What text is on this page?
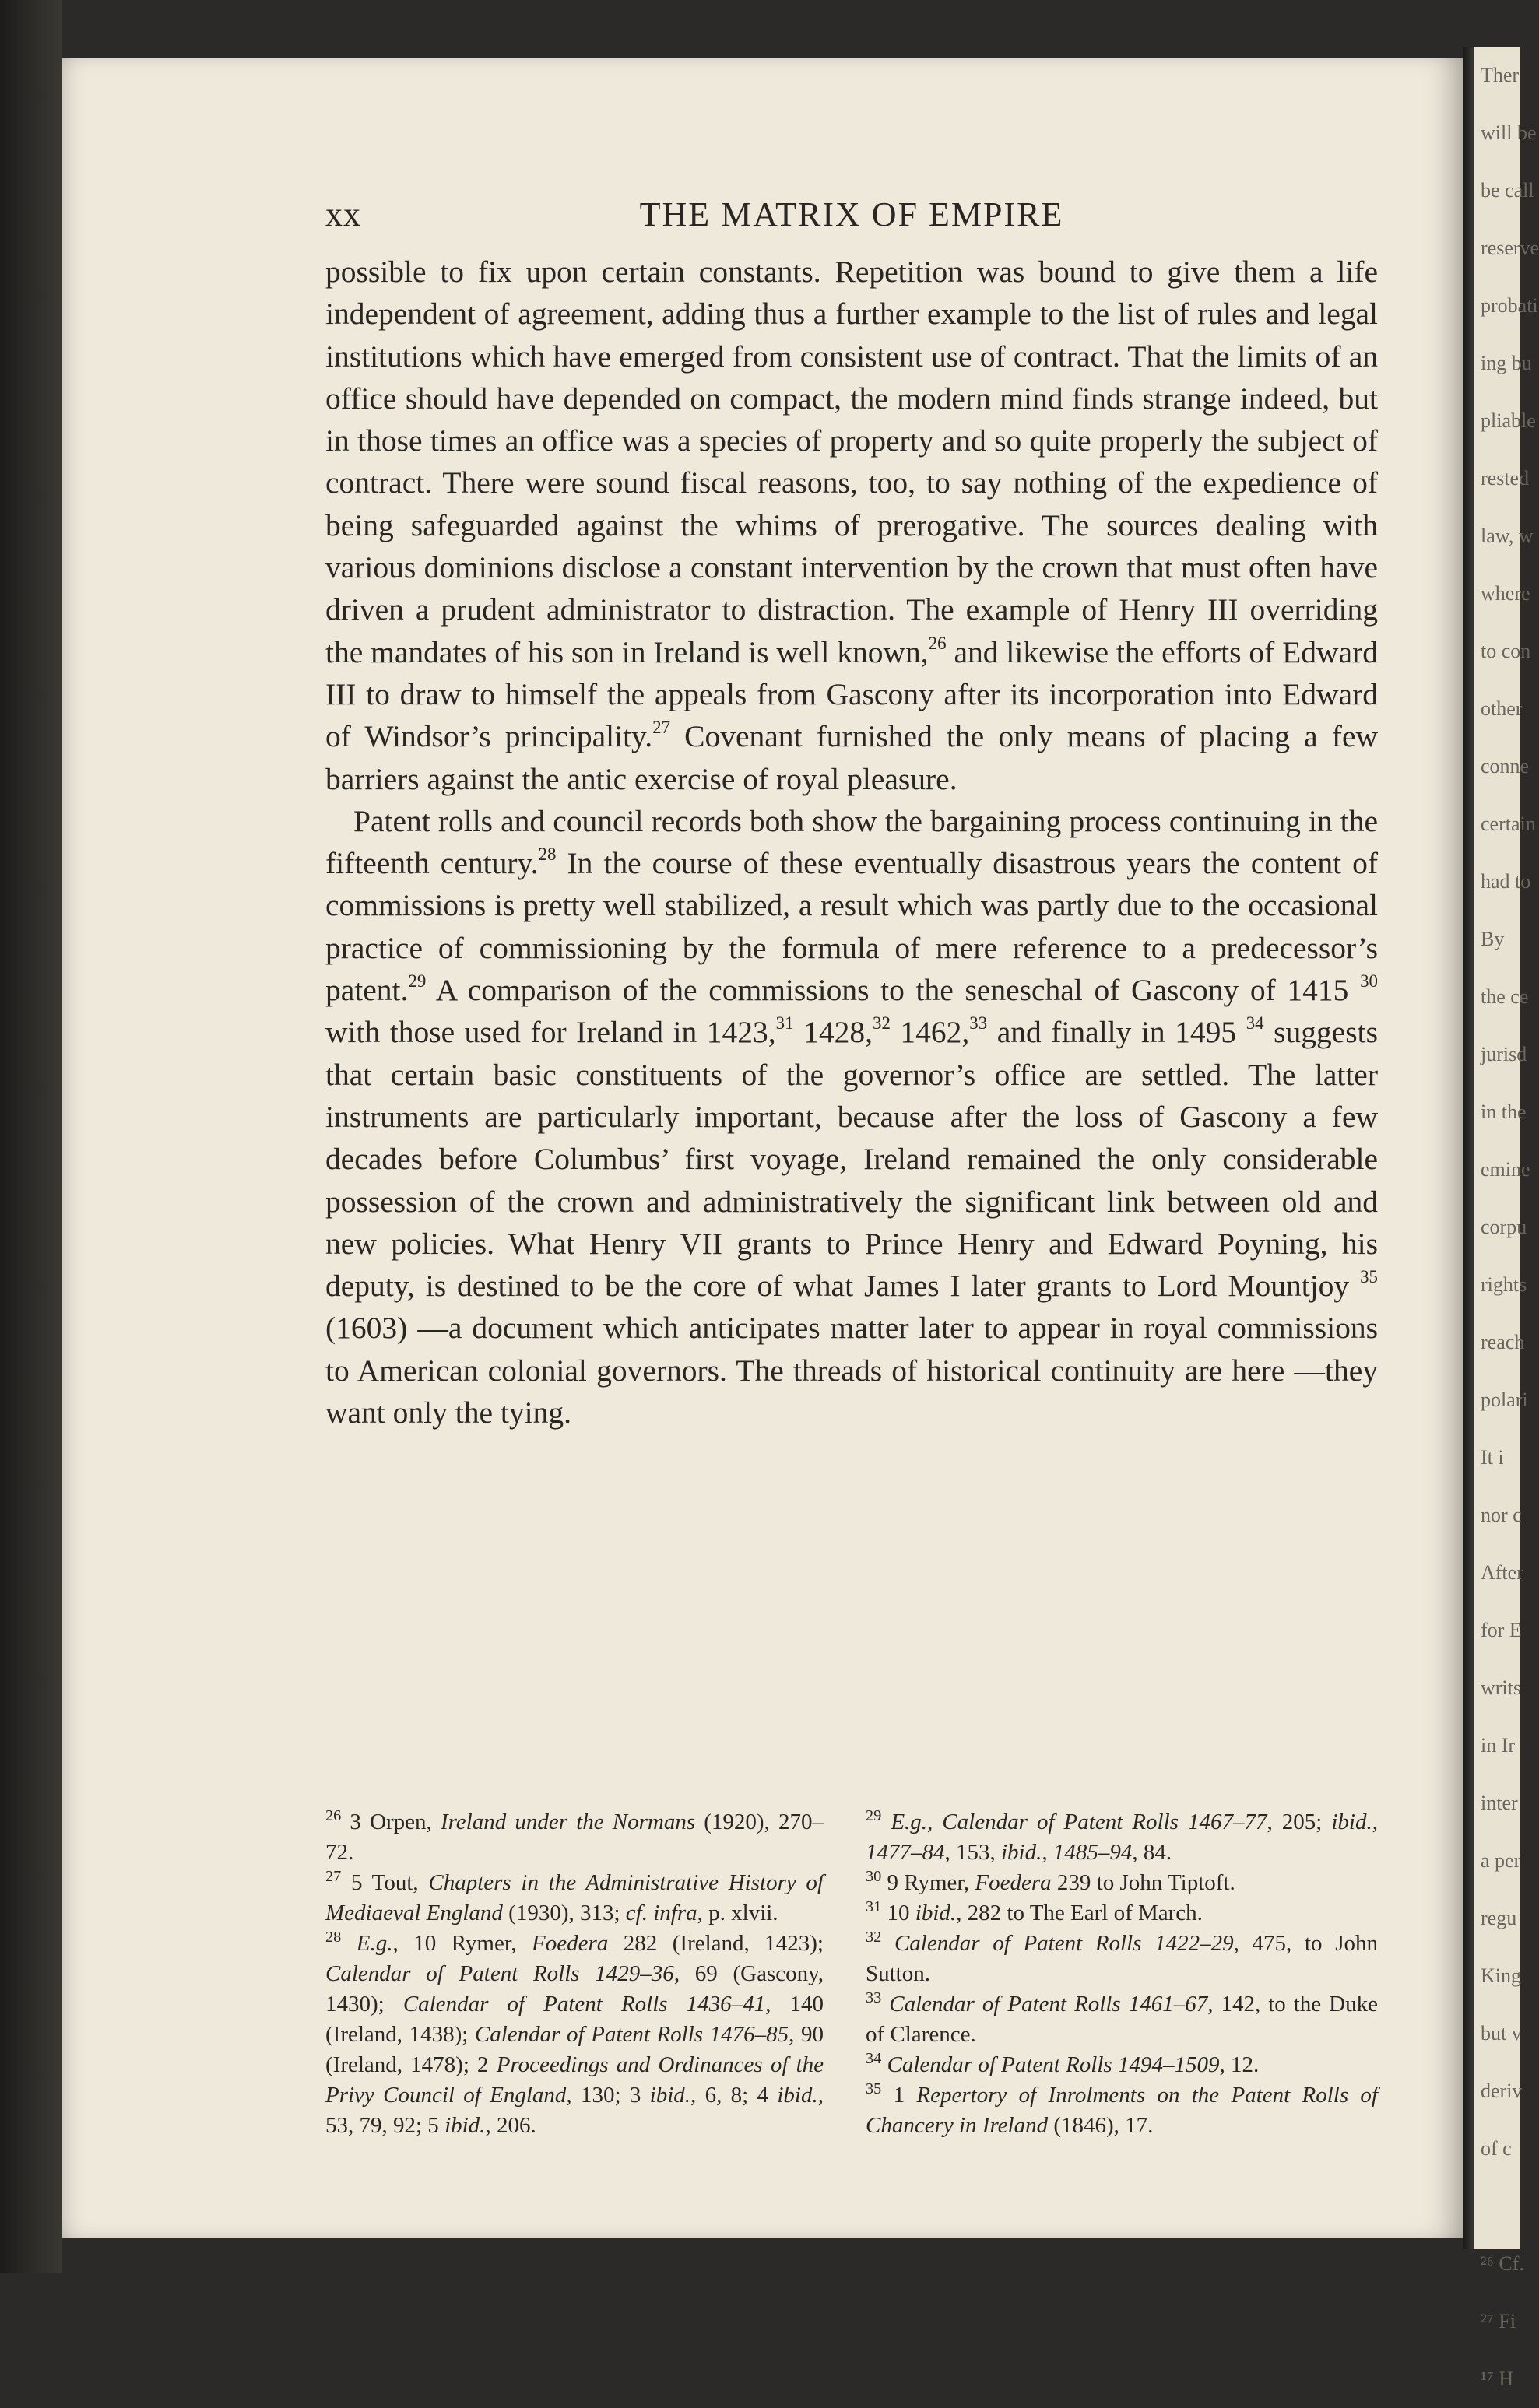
xx	THE MATRIX OF EMPIRE

possible to fix upon certain constants. Repetition was bound to give them a life independent of agreement, adding thus a further example to the list of rules and legal institutions which have emerged from consistent use of contract. That the limits of an office should have depended on compact, the modern mind finds strange indeed, but in those times an office was a species of property and so quite properly the subject of contract. There were sound fiscal reasons, too, to say nothing of the expedience of being safeguarded against the whims of prerogative. The sources dealing with various dominions disclose a constant intervention by the crown that must often have driven a prudent administrator to distraction. The example of Henry III overriding the mandates of his son in Ireland is well known,$^{26}$ and likewise the efforts of Edward III to draw to himself the appeals from Gascony after its incorporation into Edward of Windsor’s principality.$^{27}$ Covenant furnished the only means of placing a few barriers against the antic exercise of royal pleasure.

Patent rolls and council records both show the bargaining process continuing in the fifteenth century.$^{28}$ In the course of these eventually disastrous years the content of commissions is pretty well stabilized, a result which was partly due to the occasional practice of commissioning by the formula of mere reference to a predecessor’s patent.$^{29}$ A comparison of the commissions to the seneschal of Gascony of 1415 $^{30}$ with those used for Ireland in 1423,31 1428,32 1462,33 and finally in 1495 $^{34}$ suggests that certain basic constituents of the governor’s office are settled. The latter instruments are particularly important, because after the loss of Gascony a few decades before Columbus’ first voyage, Ireland remained the only considerable possession of the crown and administratively the significant link between old and new policies. What Henry VII grants to Prince Henry and Edward Poyning, his deputy, is destined to be the core of what James I later grants to Lord Mountjoy $^{35}$ (1603) —a document which anticipates matter later to appear in royal commissions to American colonial governors. The threads of historical continuity are here —they want only the tying.

$^{26}$ 3 Orpen, Ireland under the Normans (1920), 270–72.

$^{27}$ 5 Tout, Chapters in the Administrative History of Mediaeval England (1930), 313; cf. infra, p. xlvii.

$^{28}$ E.g., 10 Rymer, Foedera 282 (Ireland, 1423); Calendar of Patent Rolls 1429–36, 69 (Gascony, 1430); Calendar of Patent Rolls 1436–41, 140 (Ireland, 1438); Calendar of Patent Rolls 1476–85, 90 (Ireland, 1478); 2 Proceedings and Ordinances of the Privy Council of England, 130; 3 ibid., 6, 8; 4 ibid., 53, 79, 92; 5 ibid., 206.

$^{29}$ E.g., Calendar of Patent Rolls 1467–77, 205; ibid., 1477–84, 153, ibid., 1485–94, 84.

$^{30}$ 9 Rymer, Foedera 239 to John Tiptoft.

$^{31}$ 10 ibid., 282 to The Earl of March.

$^{32}$ Calendar of Patent Rolls 1422–29, 475, to John Sutton.

$^{33}$ Calendar of Patent Rolls 1461–67, 142, to the Duke of Clarence.

$^{34}$ Calendar of Patent Rolls 1494–1509, 12.

$^{35}$ 1 Repertory of Inrolments on the Patent Rolls of Chancery in Ireland (1846), 17.

Ther
will be
be call
reserve
probati
ing bu
pliable
rested
law, w
where
to con
other
conne
certain
had to
By
the ce
jurisd
in the
emine
corpu
rights
reach
polari
It i
nor c
After
for E
writs
in Ir
inter
a per
regu
King
but v
deriv
of c

²⁶ Cf.
²⁷ Fi
¹⁷ H
